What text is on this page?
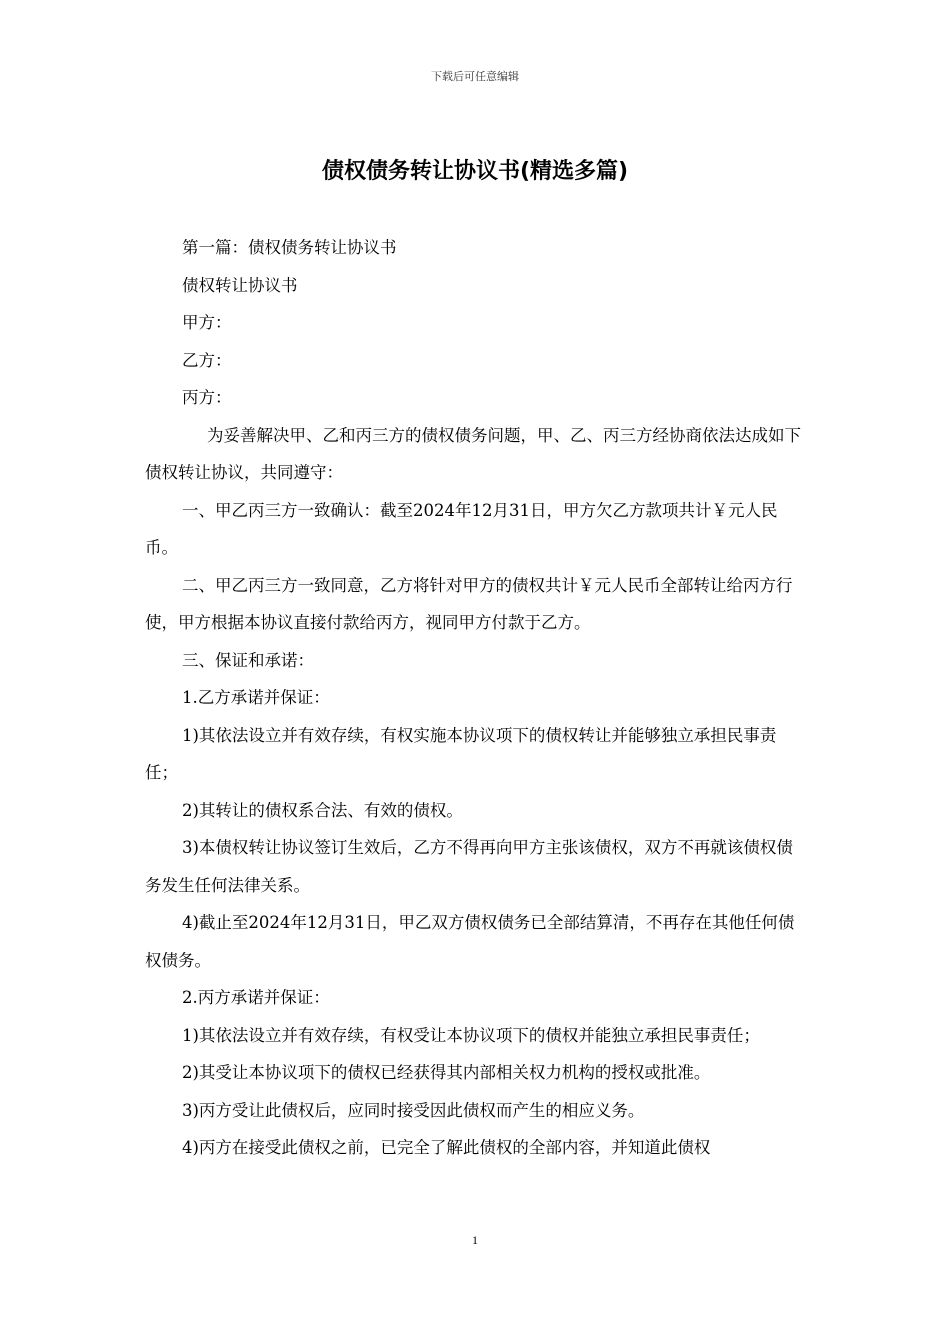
下载后可任意编辑
债权债务转让协议书(精选多篇)

第一篇：债权债务转让协议书

债权转让协议书

甲方：

乙方：

丙方：

为妥善解决甲、乙和丙三方的债权债务问题，甲、乙、丙三方经协商依法达成如下债权转让协议，共同遵守：

一、甲乙丙三方一致确认：截至2024年12月31日，甲方欠乙方款项共计￥元人民币。

二、甲乙丙三方一致同意，乙方将针对甲方的债权共计￥元人民币全部转让给丙方行使，甲方根据本协议直接付款给丙方，视同甲方付款于乙方。

三、保证和承诺：

1.乙方承诺并保证：

1)其依法设立并有效存续，有权实施本协议项下的债权转让并能够独立承担民事责任；

2)其转让的债权系合法、有效的债权。

3)本债权转让协议签订生效后，乙方不得再向甲方主张该债权，双方不再就该债权债务发生任何法律关系。

4)截止至2024年12月31日，甲乙双方债权债务已全部结算清，不再存在其他任何债权债务。

2.丙方承诺并保证：

1)其依法设立并有效存续，有权受让本协议项下的债权并能独立承担民事责任；

2)其受让本协议项下的债权已经获得其内部相关权力机构的授权或批准。

3)丙方受让此债权后，应同时接受因此债权而产生的相应义务。

4)丙方在接受此债权之前，已完全了解此债权的全部内容，并知道此债权

1
